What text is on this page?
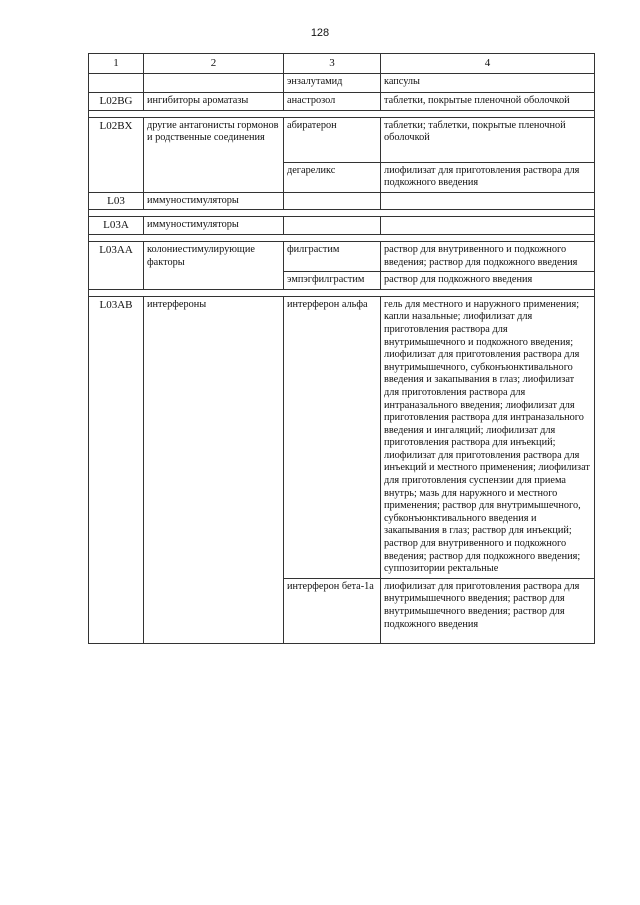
128
1	2	3	4
		энзалутамид	капсулы
L02BG	ингибиторы ароматазы	анастрозол	таблетки, покрытые пленочной оболочкой

L02BX	другие антагонисты гормонов и родственные соединения	абиратерон	таблетки; таблетки, покрытые пленочной оболочкой
		дегареликс	лиофилизат для приготовления раствора для подкожного введения
L03	иммуностимуляторы		

L03A	иммуностимуляторы		

L03AA	колониестимулирующие факторы	филграстим	раствор для внутривенного и подкожного введения; раствор для подкожного введения
		эмпэгфилграстим	раствор для подкожного введения

L03AB	интерфероны	интерферон альфа	гель для местного и наружного применения; капли назальные; лиофилизат для приготовления раствора для внутримышечного и подкожного введения; лиофилизат для приготовления раствора для внутримышечного, субконъюнктивального введения и закапывания в глаз; лиофилизат для приготовления раствора для интраназального введения; лиофилизат для приготовления раствора для интраназального введения и ингаляций; лиофилизат для приготовления раствора для инъекций; лиофилизат для приготовления раствора для инъекций и местного применения; лиофилизат для приготовления суспензии для приема внутрь; мазь для наружного и местного применения; раствор для внутримышечного, субконъюнктивального введения и закапывания в глаз; раствор для инъекций; раствор для внутривенного и подкожного введения; раствор для подкожного введения; суппозитории ректальные
		интерферон бета-1a	лиофилизат для приготовления раствора для внутримышечного введения; раствор для внутримышечного введения; раствор для подкожного введения
